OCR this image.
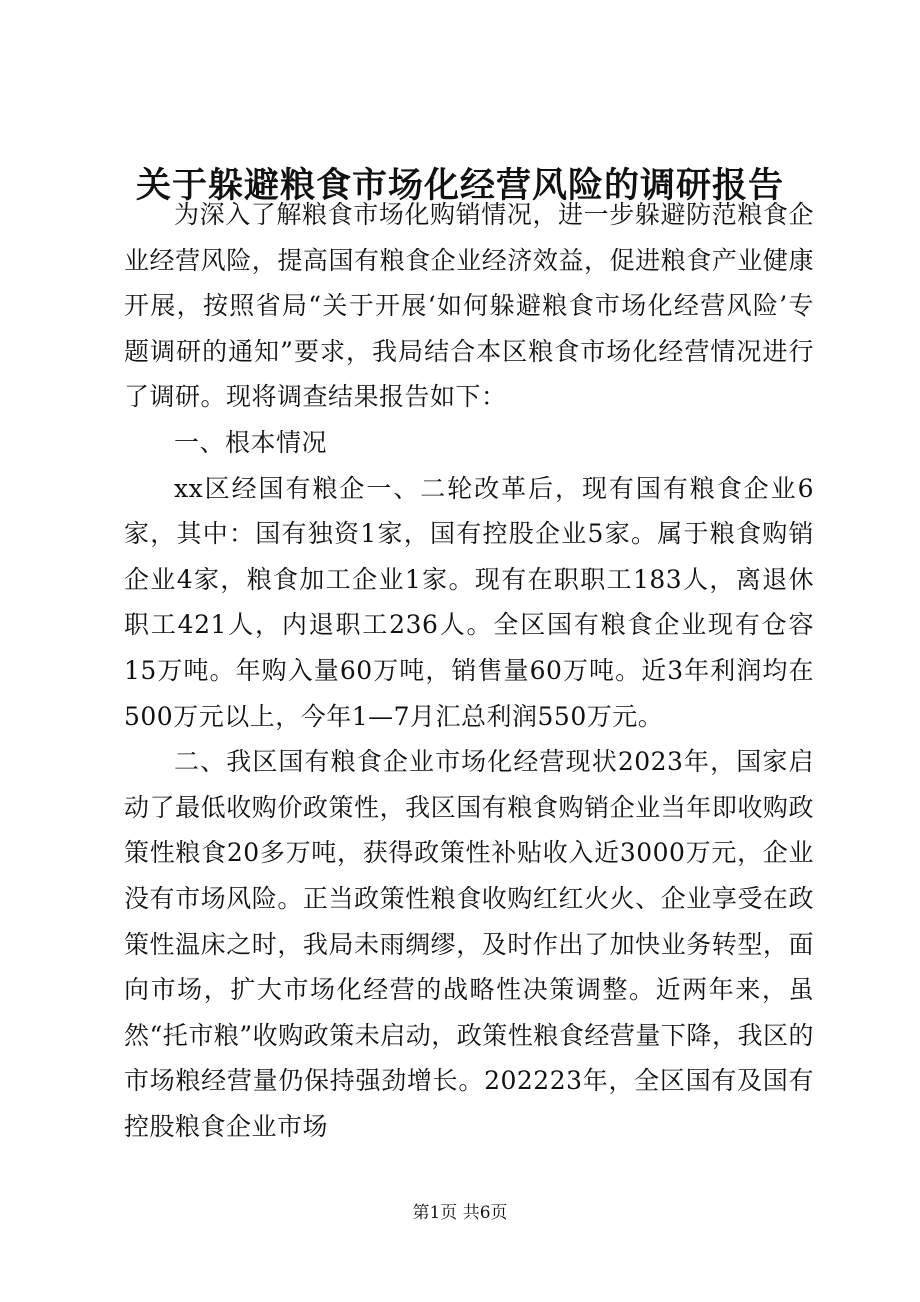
关于躲避粮食市场化经营风险的调研报告

为深入了解粮食市场化购销情况，进一步躲避防范粮食企业经营风险，提高国有粮食企业经济效益，促进粮食产业健康开展，按照省局“关于开展‘如何躲避粮食市场化经营风险’专题调研的通知”要求，我局结合本区粮食市场化经营情况进行了调研。现将调查结果报告如下：

一、根本情况

xx区经国有粮企一、二轮改革后，现有国有粮食企业6家，其中：国有独资1家，国有控股企业5家。属于粮食购销企业4家，粮食加工企业1家。现有在职职工183人，离退休职工421人，内退职工236人。全区国有粮食企业现有仓容15万吨。年购入量60万吨，销售量60万吨。近3年利润均在500万元以上，今年1—7月汇总利润550万元。

二、我区国有粮食企业市场化经营现状2023年，国家启动了最低收购价政策性，我区国有粮食购销企业当年即收购政策性粮食20多万吨，获得政策性补贴收入近3000万元，企业没有市场风险。正当政策性粮食收购红红火火、企业享受在政策性温床之时，我局未雨绸缪，及时作出了加快业务转型，面向市场，扩大市场化经营的战略性决策调整。近两年来，虽然“托市粮”收购政策未启动，政策性粮食经营量下降，我区的市场粮经营量仍保持强劲增长。202223年，全区国有及国有控股粮食企业市场

第1页 共6页
